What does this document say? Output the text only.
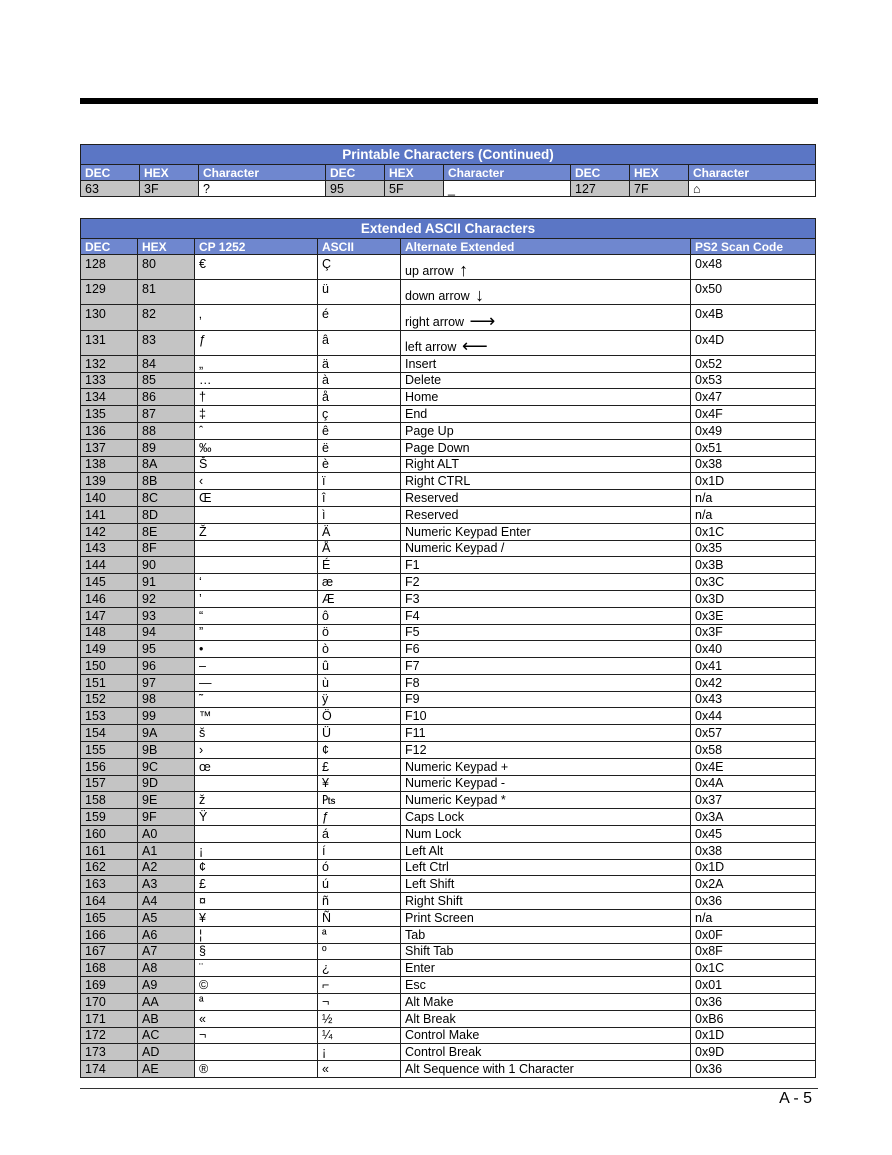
Printable Characters (Continued)								
DEC	HEX	Character	DEC	HEX	Character	DEC	HEX	Character
63	3F	?	95	5F	_	127	7F	⌂
Extended ASCII Characters					
DEC	HEX	CP 1252	ASCII	Alternate Extended	PS2 Scan Code
128	80	€	Ç	up arrow ↑	0x48
129	81		ü	down arrow ↓	0x50
130	82	‚	é	right arrow ⟶	0x4B
131	83	ƒ	â	left arrow ⟵	0x4D
132	84	„	ä	Insert	0x52
133	85	…	à	Delete	0x53
134	86	†	å	Home	0x47
135	87	‡	ç	End	0x4F
136	88	ˆ	ê	Page Up	0x49
137	89	‰	ë	Page Down	0x51
138	8A	Š	è	Right ALT	0x38
139	8B	‹	ï	Right CTRL	0x1D
140	8C	Œ	î	Reserved	n/a
141	8D		ì	Reserved	n/a
142	8E	Ž	Ä	Numeric Keypad Enter	0x1C
143	8F		Å	Numeric Keypad /	0x35
144	90		É	F1	0x3B
145	91	‘	æ	F2	0x3C
146	92	’	Æ	F3	0x3D
147	93	“	ô	F4	0x3E
148	94	”	ö	F5	0x3F
149	95	•	ò	F6	0x40
150	96	–	û	F7	0x41
151	97	—	ù	F8	0x42
152	98	˜	ÿ	F9	0x43
153	99	™	Ö	F10	0x44
154	9A	š	Ü	F11	0x57
155	9B	›	¢	F12	0x58
156	9C	œ	£	Numeric Keypad +	0x4E
157	9D		¥	Numeric Keypad -	0x4A
158	9E	ž	₧	Numeric Keypad *	0x37
159	9F	Ÿ	ƒ	Caps Lock	0x3A
160	A0		á	Num Lock	0x45
161	A1	¡	í	Left Alt	0x38
162	A2	¢	ó	Left Ctrl	0x1D
163	A3	£	ú	Left Shift	0x2A
164	A4	¤	ñ	Right Shift	0x36
165	A5	¥	Ñ	Print Screen	n/a
166	A6	¦	ª	Tab	0x0F
167	A7	§	º	Shift Tab	0x8F
168	A8	¨	¿	Enter	0x1C
169	A9	©	⌐	Esc	0x01
170	AA	ª	¬	Alt Make	0x36
171	AB	«	½	Alt Break	0xB6
172	AC	¬	¼	Control Make	0x1D
173	AD		¡	Control Break	0x9D
174	AE	®	«	Alt Sequence with 1 Character	0x36
A - 5
